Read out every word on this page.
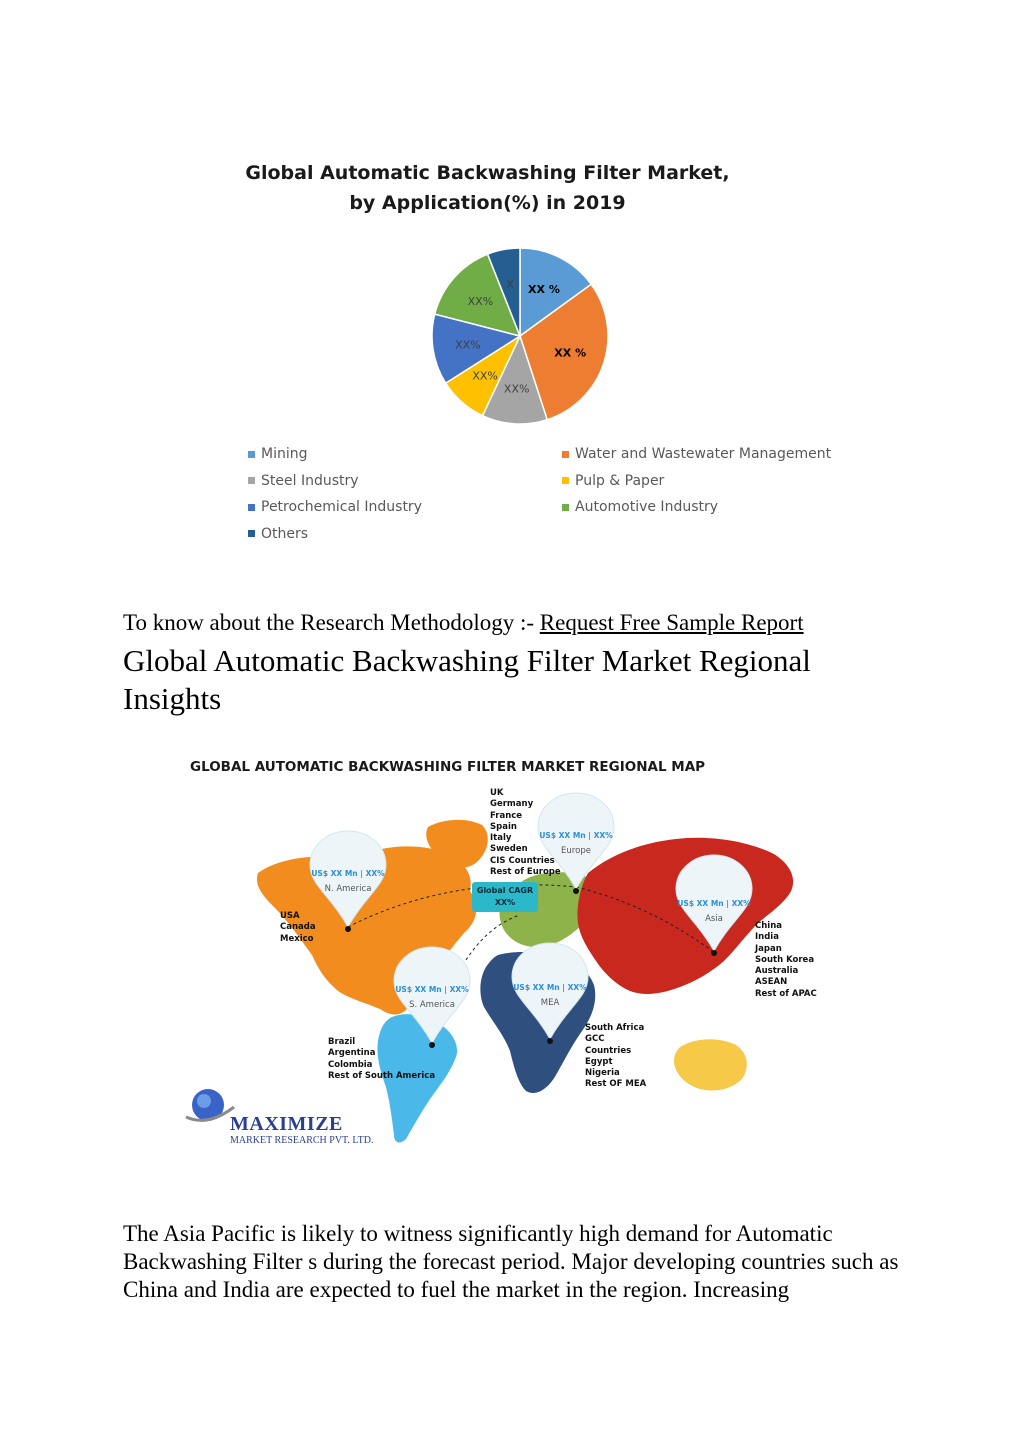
Global Automatic Backwashing Filter Market,
by Application(%) in 2019
XX %
XX %
XX%
XX%
XX%
XX%
X
Mining	Water and Wastewater Management
Steel Industry	Pulp & Paper
Petrochemical Industry	Automotive Industry
Others
To know about the Research Methodology :- Request Free Sample Report
Global Automatic Backwashing Filter Market Regional Insights
GLOBAL AUTOMATIC BACKWASHING FILTER MARKET REGIONAL MAP
US$ XX Mn | XX%
N. America
US$ XX Mn | XX%
Europe
US$ XX Mn | XX%
Asia
US$ XX Mn | XX%
S. America
US$ XX Mn | XX%
MEA
Global CAGR
XX%
USA
Canada
Mexico
UK
Germany
France
Spain
Italy
Sweden
CIS Countries
Rest of Europe
China
India
Japan
South Korea
Australia
ASEAN
Rest of APAC
Brazil
Argentina
Colombia
Rest of South America
South Africa
GCC
Countries
Egypt
Nigeria
Rest OF MEA
MAXIMIZE
MARKET RESEARCH PVT. LTD.

The Asia Pacific is likely to witness significantly high demand for Automatic Backwashing Filter s during the forecast period. Major developing countries such as China and India are expected to fuel the market in the region. Increasing
